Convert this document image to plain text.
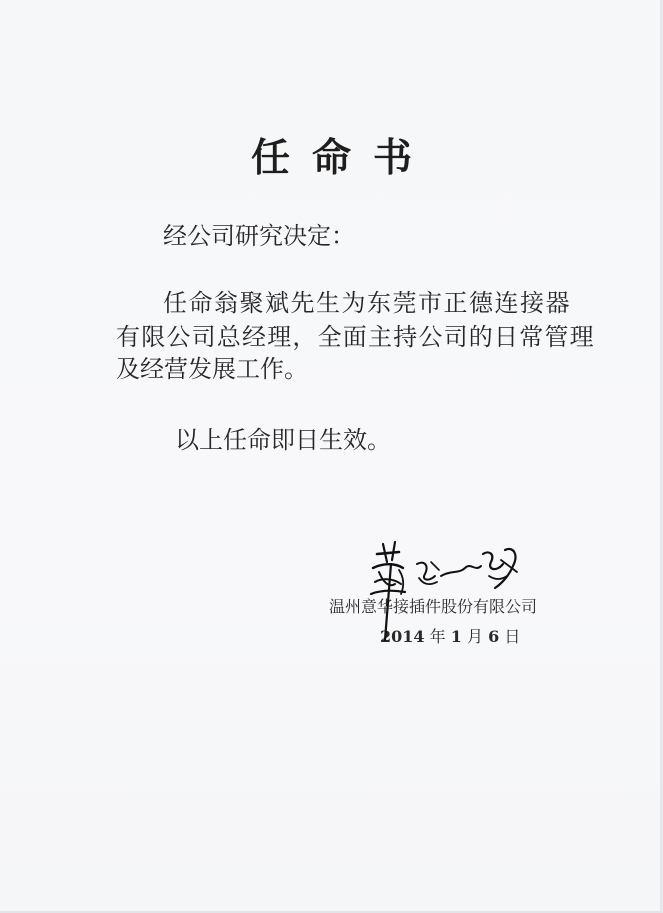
任命书
经公司研究决定：
任命翁聚斌先生为东莞市正德连接器
有限公司总经理，全面主持公司的日常管理
及经营发展工作。
以上任命即日生效。
温州意华接插件股份有限公司
2014 年 1 月 6 日
